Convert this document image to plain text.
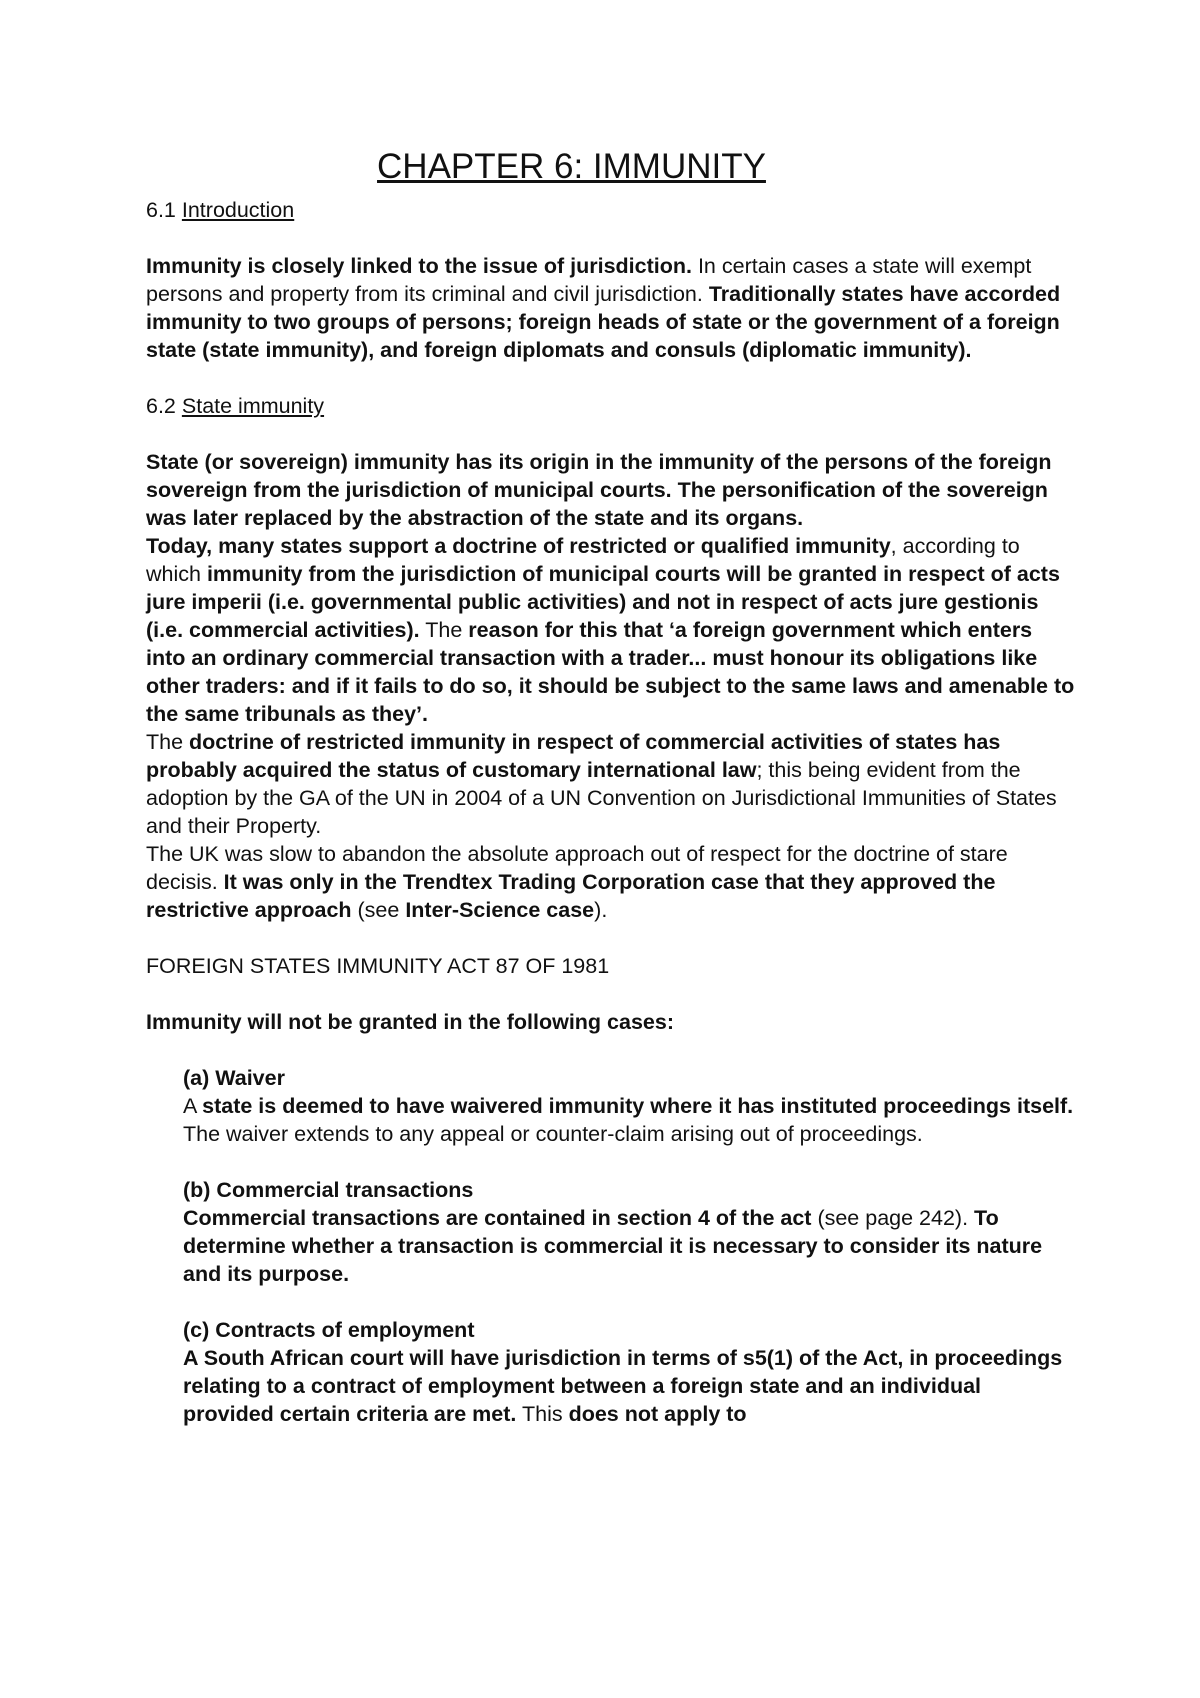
CHAPTER 6: IMMUNITY

6.1 Introduction

Immunity is closely linked to the issue of jurisdiction. In certain cases a state will exempt persons and property from its criminal and civil jurisdiction. Traditionally states have accorded immunity to two groups of persons; foreign heads of state or the government of a foreign state (state immunity), and foreign diplomats and consuls (diplomatic immunity).

6.2 State immunity

State (or sovereign) immunity has its origin in the immunity of the persons of the foreign sovereign from the jurisdiction of municipal courts. The personification of the sovereign was later replaced by the abstraction of the state and its organs.

Today, many states support a doctrine of restricted or qualified immunity, according to which immunity from the jurisdiction of municipal courts will be granted in respect of acts jure imperii (i.e. governmental public activities) and not in respect of acts jure gestionis (i.e. commercial activities). The reason for this that ‘a foreign government which enters into an ordinary commercial transaction with a trader... must honour its obligations like other traders: and if it fails to do so, it should be subject to the same laws and amenable to the same tribunals as they’.

The doctrine of restricted immunity in respect of commercial activities of states has probably acquired the status of customary international law; this being evident from the adoption by the GA of the UN in 2004 of a UN Convention on Jurisdictional Immunities of States and their Property.

The UK was slow to abandon the absolute approach out of respect for the doctrine of stare decisis. It was only in the Trendtex Trading Corporation case that they approved the restrictive approach (see Inter-Science case).

FOREIGN STATES IMMUNITY ACT 87 OF 1981

Immunity will not be granted in the following cases:

(a) Waiver

A state is deemed to have waivered immunity where it has instituted proceedings itself. The waiver extends to any appeal or counter-claim arising out of proceedings.

(b) Commercial transactions

Commercial transactions are contained in section 4 of the act (see page 242). To determine whether a transaction is commercial it is necessary to consider its nature and its purpose.

(c) Contracts of employment

A South African court will have jurisdiction in terms of s5(1) of the Act, in proceedings relating to a contract of employment between a foreign state and an individual provided certain criteria are met. This does not apply to
